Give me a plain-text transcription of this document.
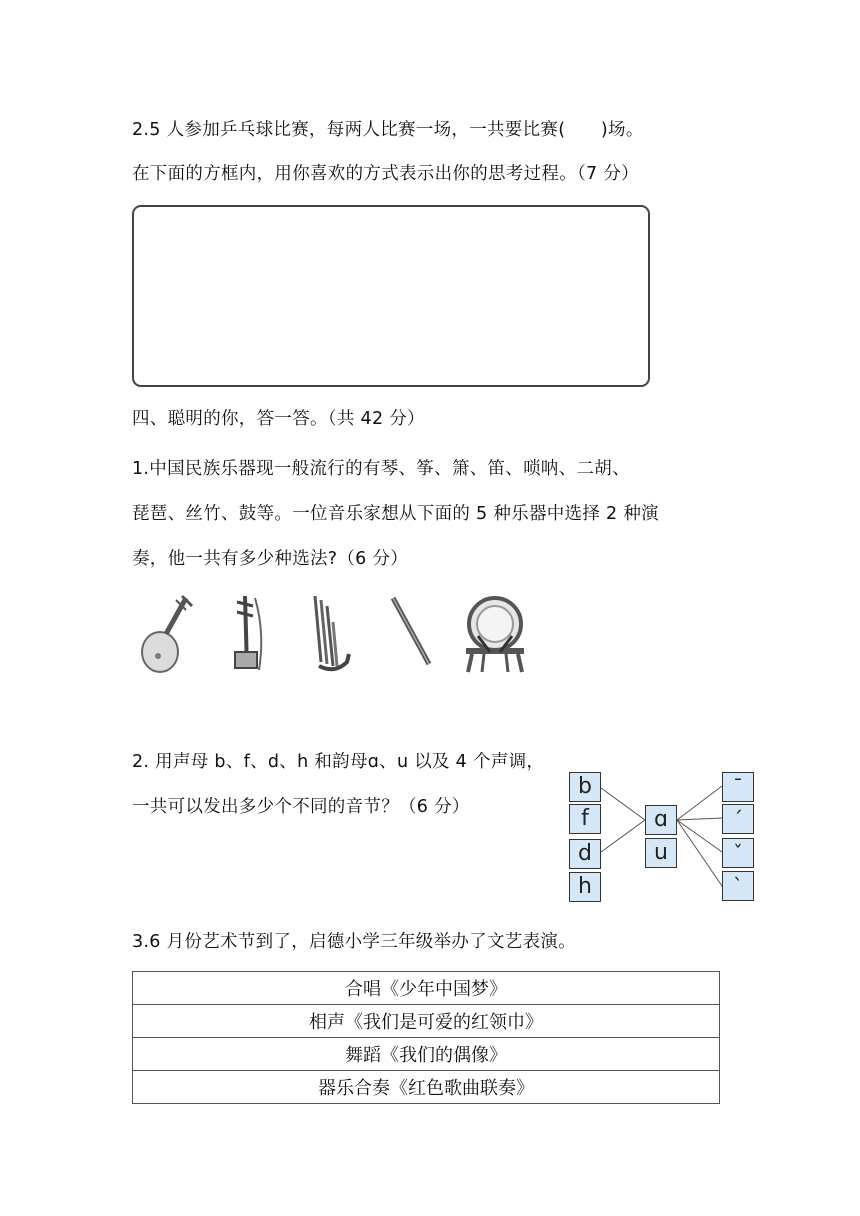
2.5 人参加乒乓球比赛，每两人比赛一场，一共要比赛(　　)场。
在下面的方框内，用你喜欢的方式表示出你的思考过程。（7 分）
四、聪明的你，答一答。（共 42 分）
1.中国民族乐器现一般流行的有琴、筝、箫、笛、唢呐、二胡、
琵琶、丝竹、鼓等。一位音乐家想从下面的 5 种乐器中选择 2 种演
奏，他一共有多少种选法?（6 分）
2. 用声母 b、f、d、h 和韵母ɑ、u 以及 4 个声调，
一共可以发出多少个不同的音节？（6 分）
b
f
d
h
ɑ
u
ˉ
ˊ
ˇ
ˋ
3.6 月份艺术节到了，启德小学三年级举办了文艺表演。
合唱《少年中国梦》
相声《我们是可爱的红领巾》
舞蹈《我们的偶像》
器乐合奏《红色歌曲联奏》
